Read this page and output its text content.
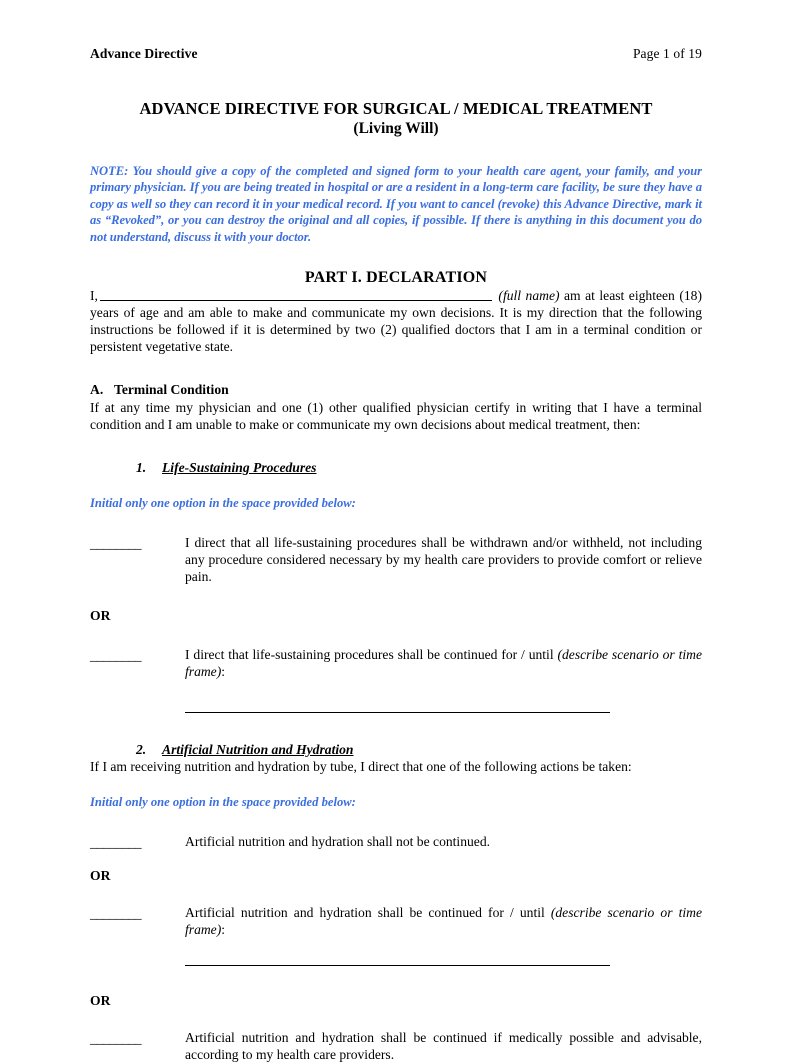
Advance Directive	Page 1 of 19
ADVANCE DIRECTIVE FOR SURGICAL / MEDICAL TREATMENT
(Living Will)
NOTE: You should give a copy of the completed and signed form to your health care agent, your family, and your primary physician. If you are being treated in hospital or are a resident in a long-term care facility, be sure they have a copy as well so they can record it in your medical record. If you want to cancel (revoke) this Advance Directive, mark it as “Revoked”, or you can destroy the original and all copies, if possible. If there is anything in this document you do not understand, discuss it with your doctor.
PART I. DECLARATION

I,	(full name) am at least eighteen (18) years of age and am able to make and communicate my own decisions. It is my direction that the following instructions be followed if it is determined by two (2) qualified doctors that I am in a terminal condition or persistent vegetative state.

A. Terminal Condition

If at any time my physician and one (1) other qualified physician certify in writing that I have a terminal condition and I am unable to make or communicate my own decisions about medical treatment, then:

1. Life-Sustaining Procedures
Initial only one option in the space provided below:
________	I direct that all life-sustaining procedures shall be withdrawn and/or withheld, not including any procedure considered necessary by my health care providers to provide comfort or relieve pain.
OR
________	I direct that life-sustaining procedures shall be continued for / until (describe scenario or time frame):
2. Artificial Nutrition and Hydration

If I am receiving nutrition and hydration by tube, I direct that one of the following actions be taken:

Initial only one option in the space provided below:
________	Artificial nutrition and hydration shall not be continued.
OR
________	Artificial nutrition and hydration shall be continued for / until (describe scenario or time frame):
OR
________	Artificial nutrition and hydration shall be continued if medically possible and advisable, according to my health care providers.
